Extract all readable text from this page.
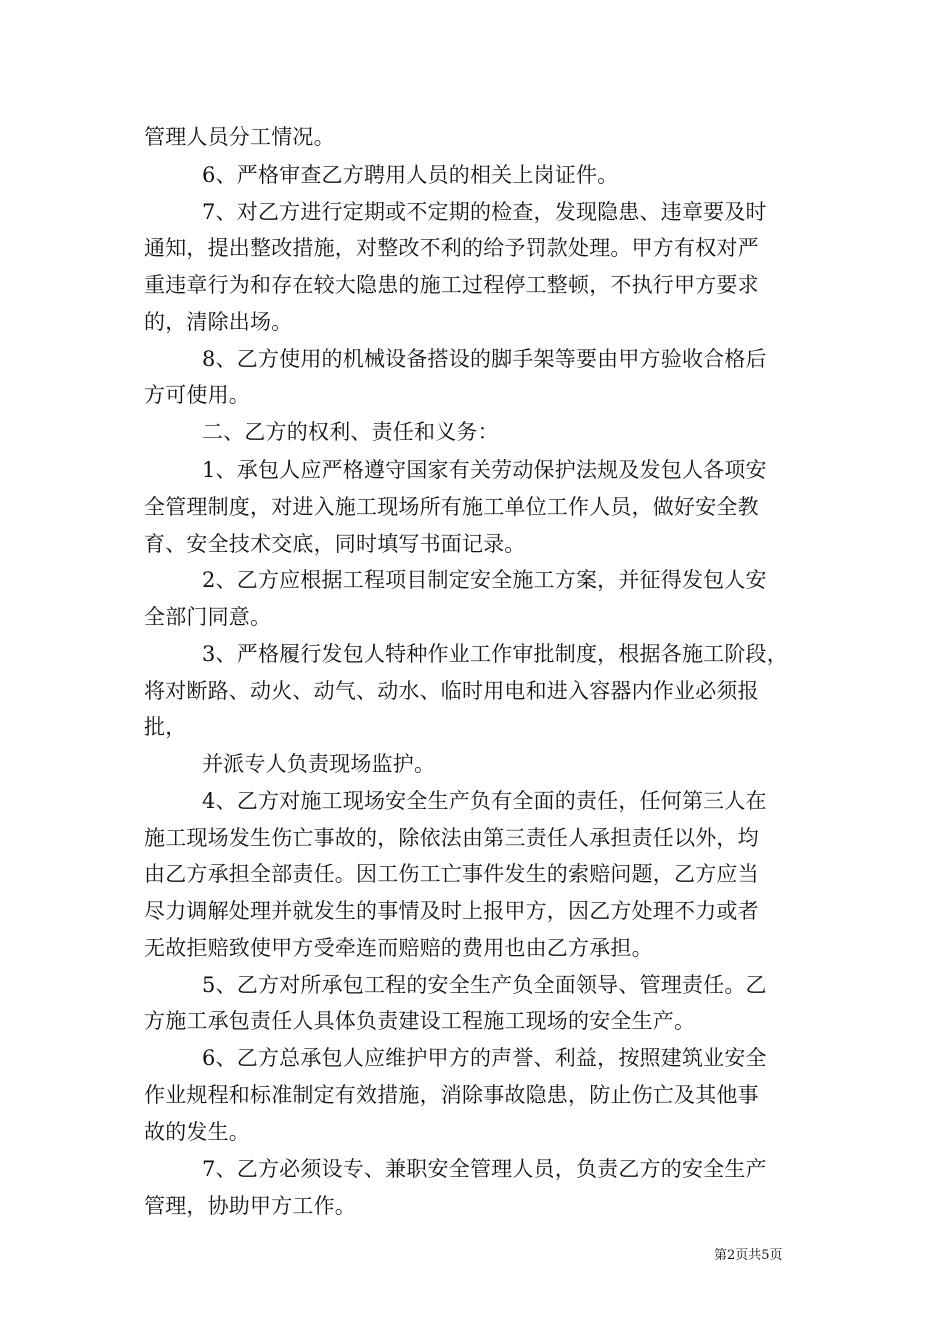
管理人员分工情况。
6、严格审查乙方聘用人员的相关上岗证件。
7、对乙方进行定期或不定期的检查，发现隐患、违章要及时
通知，提出整改措施，对整改不利的给予罚款处理。甲方有权对严
重违章行为和存在较大隐患的施工过程停工整顿，不执行甲方要求
的，清除出场。
8、乙方使用的机械设备搭设的脚手架等要由甲方验收合格后
方可使用。
二、乙方的权利、责任和义务：
1、承包人应严格遵守国家有关劳动保护法规及发包人各项安
全管理制度，对进入施工现场所有施工单位工作人员，做好安全教
育、安全技术交底，同时填写书面记录。
2、乙方应根据工程项目制定安全施工方案，并征得发包人安
全部门同意。
3、严格履行发包人特种作业工作审批制度，根据各施工阶段，
将对断路、动火、动气、动水、临时用电和进入容器内作业必须报
批，
并派专人负责现场监护。
4、乙方对施工现场安全生产负有全面的责任，任何第三人在
施工现场发生伤亡事故的，除依法由第三责任人承担责任以外，均
由乙方承担全部责任。因工伤工亡事件发生的索赔问题，乙方应当
尽力调解处理并就发生的事情及时上报甲方，因乙方处理不力或者
无故拒赔致使甲方受牵连而赔赔的费用也由乙方承担。
5、乙方对所承包工程的安全生产负全面领导、管理责任。乙
方施工承包责任人具体负责建设工程施工现场的安全生产。
6、乙方总承包人应维护甲方的声誉、利益，按照建筑业安全
作业规程和标准制定有效措施，消除事故隐患，防止伤亡及其他事
故的发生。
7、乙方必须设专、兼职安全管理人员，负责乙方的安全生产
管理，协助甲方工作。
第2页共5页
